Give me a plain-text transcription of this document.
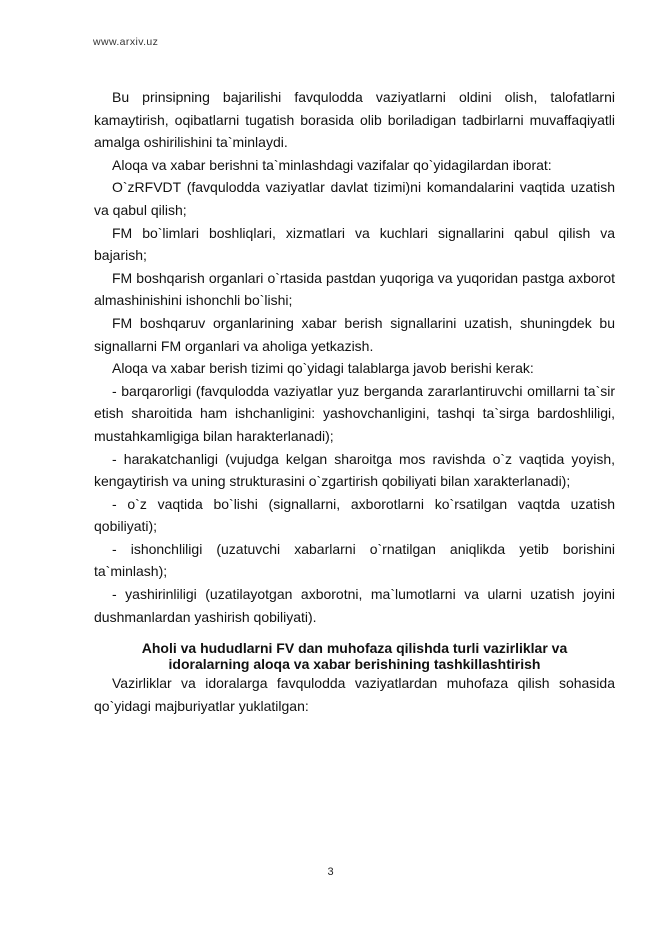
www.arxiv.uz

Bu prinsipning bajarilishi favqulodda vaziyatlarni oldini olish, talofatlarni kamaytirish, oqibatlarni tugatish borasida olib boriladigan tadbirlarni muvaffaqiyatli amalga oshirilishini ta`minlaydi.

Aloqa va xabar berishni ta`minlashdagi vazifalar qo`yidagilardan iborat:

O`zRFVDT (favqulodda vaziyatlar davlat tizimi)ni komandalarini vaqtida uzatish va qabul qilish;

FM bo`limlari boshliqlari, xizmatlari va kuchlari signallarini qabul qilish va bajarish;

FM boshqarish organlari o`rtasida pastdan yuqoriga va yuqoridan pastga axborot almashinishini ishonchli bo`lishi;

FM boshqaruv organlarining xabar berish signallarini uzatish, shuningdek bu signallarni FM organlari va aholiga yetkazish.

Aloqa va xabar berish tizimi qo`yidagi talablarga javob berishi kerak:

- barqarorligi (favqulodda vaziyatlar yuz berganda zararlantiruvchi omillarni ta`sir etish sharoitida ham ishchanligini: yashovchanligini, tashqi ta`sirga bardoshliligi, mustahkamligiga bilan harakterlanadi);

- harakatchanligi (vujudga kelgan sharoitga mos ravishda o`z vaqtida yoyish, kengaytirish va uning strukturasini o`zgartirish qobiliyati bilan xarakterlanadi);

- o`z vaqtida bo`lishi (signallarni, axborotlarni ko`rsatilgan vaqtda uzatish qobiliyati);

- ishonchliligi (uzatuvchi xabarlarni o`rnatilgan aniqlikda yetib borishini ta`minlash);

- yashirinliligi (uzatilayotgan axborotni, ma`lumotlarni va ularni uzatish joyini dushmanlardan yashirish qobiliyati).

Aholi va hududlarni FV dan muhofaza qilishda turli vazirliklar va idoralarning aloqa va xabar berishining tashkillashtirish

Vazirliklar va idoralarga favqulodda vaziyatlardan muhofaza qilish sohasida qo`yidagi majburiyatlar yuklatilgan:

3
